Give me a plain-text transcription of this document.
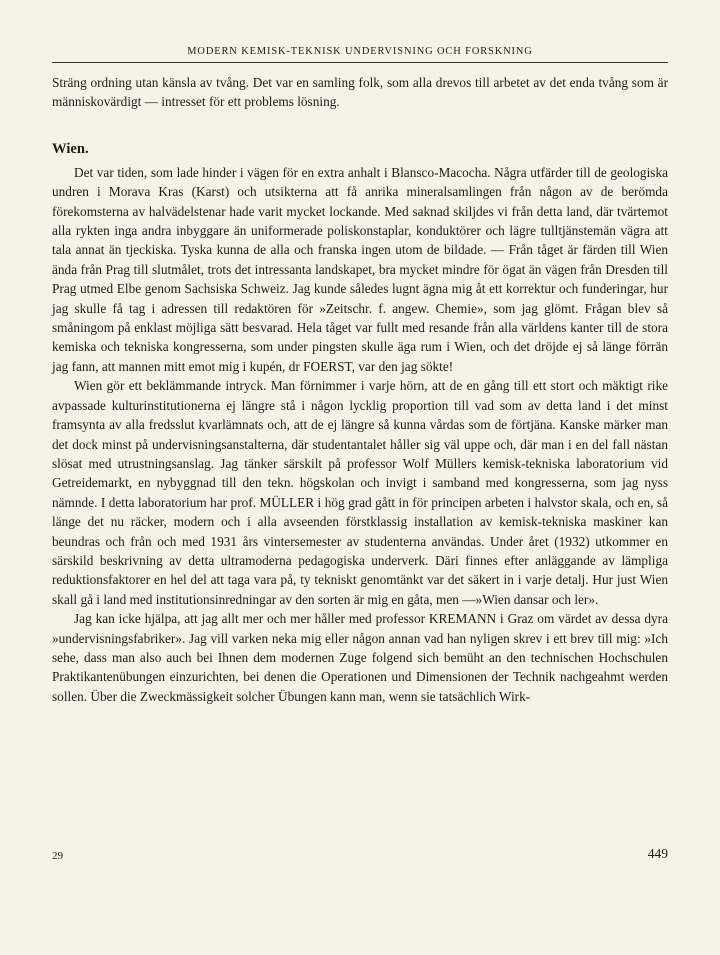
MODERN KEMISK-TEKNISK UNDERVISNING OCH FORSKNING

Sträng ordning utan känsla av tvång. Det var en samling folk, som alla drevos till arbetet av det enda tvång som är människovärdigt — intresset för ett problems lösning.

Wien.

Det var tiden, som lade hinder i vägen för en extra anhalt i Blansco-Macocha. Några utfärder till de geologiska undren i Morava Kras (Karst) och utsikterna att få anrika mineralsamlingen från någon av de berömda förekomsterna av halvädelstenar hade varit mycket lockande. Med saknad skiljdes vi från detta land, där tvärtemot alla rykten inga andra inbyggare än uniformerade poliskonstaplar, konduktörer och lägre tulltjänstemän vägra att tala annat än tjeckiska. Tyska kunna de alla och franska ingen utom de bildade. — Från tåget är färden till Wien ända från Prag till slutmålet, trots det intressanta landskapet, bra mycket mindre för ögat än vägen från Dresden till Prag utmed Elbe genom Sachsiska Schweiz. Jag kunde således lugnt ägna mig åt ett korrektur och funderingar, hur jag skulle få tag i adressen till redaktören för »Zeitschr. f. angew. Chemie», som jag glömt. Frågan blev så småningom på enklast möjliga sätt besvarad. Hela tåget var fullt med resande från alla världens kanter till de stora kemiska och tekniska kongresserna, som under pingsten skulle äga rum i Wien, och det dröjde ej så länge förrän jag fann, att mannen mitt emot mig i kupén, dr FOERST, var den jag sökte!

Wien gör ett beklämmande intryck. Man förnimmer i varje hörn, att de en gång till ett stort och mäktigt rike avpassade kulturinstitutionerna ej längre stå i någon lycklig proportion till vad som av detta land i det minst framsynta av alla fredsslut kvarlämnats och, att de ej längre så kunna vårdas som de förtjäna. Kanske märker man det dock minst på undervisningsanstalterna, där studentantalet håller sig väl uppe och, där man i en del fall nästan slösat med utrustningsanslag. Jag tänker särskilt på professor Wolf Müllers kemisk-tekniska laboratorium vid Getreidemarkt, en nybyggnad till den tekn. högskolan och invigt i samband med kongresserna, som jag nyss nämnde. I detta laboratorium har prof. MÜLLER i hög grad gått in för principen arbeten i halvstor skala, och en, så länge det nu räcker, modern och i alla avseenden förstklassig installation av kemisk-tekniska maskiner kan beundras och från och med 1931 års vintersemester av studenterna användas. Under året (1932) utkommer en särskild beskrivning av detta ultramoderna pedagogiska underverk. Däri finnes efter anläggande av lämpliga reduktionsfaktorer en hel del att taga vara på, ty tekniskt genomtänkt var det säkert in i varje detalj. Hur just Wien skall gå i land med institutionsinredningar av den sorten är mig en gåta, men —»Wien dansar och ler».

Jag kan icke hjälpa, att jag allt mer och mer håller med professor KREMANN i Graz om värdet av dessa dyra »undervisningsfabriker». Jag vill varken neka mig eller någon annan vad han nyligen skrev i ett brev till mig: »Ich sehe, dass man also auch bei Ihnen dem modernen Zuge folgend sich bemüht an den technischen Hochschulen Praktikantenübungen einzurichten, bei denen die Operationen und Dimensionen der Technik nachgeahmt werden sollen. Über die Zweckmässigkeit solcher Übungen kann man, wenn sie tatsächlich Wirk-

29	449
